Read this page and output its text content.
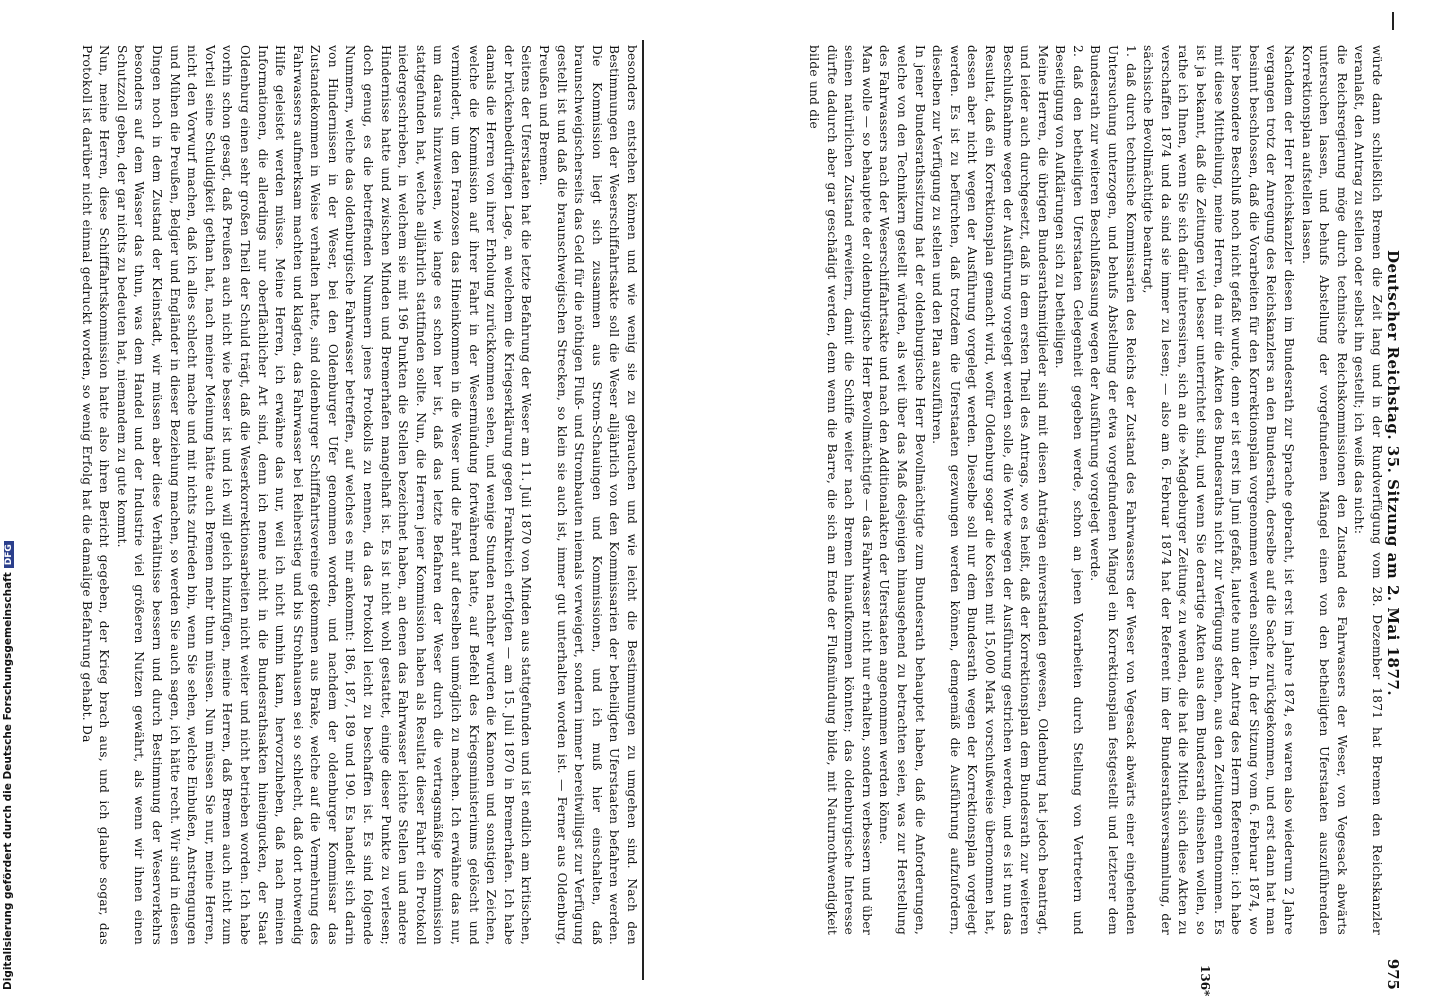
Deutscher Reichstag. 35. Sitzung am 2. Mai 1877.
975

würde dann schließlich Bremen die Zeit lang und in der Rundverfügung vom 28. Dezember 1871 hat Bremen den Reichskanzler veranlaßt, den Antrag zu stellen oder selbst ihn gestellt; ich weiß das nicht:

die Reichsregierung möge durch technische Reichskommissionen den Zustand des Fahrwassers der Weser, von Vegesack abwärts untersuchen lassen, und behufs Abstellung der vorgefundenen Mängel einen von den betheiligten Uferstaaten auszuführenden Korrektionsplan aufstellen lassen.

Nachdem der Herr Reichskanzler diesen im Bundesrath zur Sprache gebracht, ist erst im Jahre 1874, es waren also wiederum 2 Jahre vergangen trotz der Anregung des Reichskanzlers an den Bundesrath, derselbe auf die Sache zurückgekommen, und erst dann hat man besinnt beschlossen, daß die Vorarbeiten für den Korrektionsplan vorgenommen werden sollten. In der Sitzung vom 6. Februar 1874, wo hier besondere Beschluß noch nicht gefaßt wurde, denn er ist erst im Juni gefaßt, lautete nun der Antrag des Herrn Referenten: ich habe mit diese Mittheilung, meine Herren, da mir die Akten des Bundesraths nicht zur Verfügung stehen, aus den Zeitungen entnommen. Es ist ja bekannt, daß die Zeitungen viel besser unterrichtet sind, und wenn Sie derartige Akten aus dem Bundesrath einsehen wollen, so rathe ich Ihnen, wenn Sie sich dafür interessiren, sich an die »Magdeburger Zeitung« zu wenden, die hat die Mittel, sich diese Akten zu verschaffen 1874 und da sind sie immer zu lesen; — also am 6. Februar 1874 hat der Referent im der Bundesrathsversammlung, der sächsische Bevollmächtigte beantragt,

1. daß durch technische Kommissarien des Reichs der Zustand des Fahrwassers der Weser von Vegesack abwärts einer eingehenden Untersuchung unterzogen, und behufs Abstellung der etwa vorgefundenen Mängel ein Korrektionsplan festgestellt und letzterer dem Bundesrath zur weiteren Beschlußfassung wegen der Ausführung vorgelegt werde.

2. daß den betheiligten Uferstaaten Gelegenheit gegeben werde, schon an jenen Vorarbeiten durch Stellung von Vertretern und Beseitigung von Aufklärungen sich zu betheiligen.

Meine Herren, die übrigen Bundesrathsmitglieder sind mit diesen Anträgen einverstanden gewesen, Oldenburg hat jedoch beantragt, und leider auch durchgesetzt, daß in dem ersten Theil des Antrags, wo es heißt, daß der Korrektionsplan dem Bundesrath zur weiteren Beschlußnahme wegen der Ausführung vorgelegt werden solle, die Worte wegen der Ausführung gestrichen werden, und es ist nun das Resultat, daß ein Korrektionsplan gemacht wird, wofür Oldenburg sogar die Kosten mit 15,000 Mark vorschußweise übernommen hat, dessen aber nicht wegen der Ausführung vorgelegt werden. Dieselbe soll nur dem Bundesrath wegen der Korrektionsplan vorgelegt werden. Es ist zu befürchten, daß trotzdem die Uferstaaten gezwungen werden können, demgemäß die Ausführung aufzufordern, dieselben zur Verfügung zu stellen und den Plan auszuführen.

In jener Bundesrathssitzung hat der oldenburgische Herr Bevollmächtigte zum Bundesrath behauptet haben, daß die Anforderungen, welche von den Technikern gestellt würden, als weit über das Maß desjenigen hinausgehend zu betrachten seien, was zur Herstellung des Fahrwassers nach der Weserschiffahrtsakte und nach den Additionalakten der Uferstaaten angenommen werden könne.

Man wolle — so behauptete der oldenburgische Herr Bevollmächtigte — das Fahrwasser nicht nur erhalten, sondern verbessern und über seinen natürlichen Zustand erweitern, damit die Schiffe weiter nach Bremen hinaufkommen könnten; das oldenburgische Interesse dürfte dadurch aber gar geschädigt werden, denn wenn die Barre, die sich am Ende der Flußmündung bilde, mit Naturnothwendigkeit bilde und die

besonders entstehen können und wie wenig sie zu gebrauchen und wie leicht die Bestimmungen zu umgehen sind. Nach den Bestimmungen der Weserschiffahrtsakte soll die Weser alljährlich von den Kommissarien der betheiligten Uferstaaten befahren werden. Die Kommission liegt sich zusammen aus Strom-Schauingen und Kommissionen, und ich muß hier einschalten, daß braunschweigischerseits das Geld für die nöthigen Fluß- und Strombauten niemals verweigert, sondern immer bereitwilligst zur Verfügung gestellt ist und daß die braunschweigischen Strecken, so klein sie auch ist, immer gut unterhalten worden ist. — Ferner aus Oldenburg, Preußen und Bremen.

Seitens der Uferstaaten hat die letzte Befahrung der Weser am 11. Juli 1870 von Minden aus stattgefunden und ist endlich am kritischen, der brückenbedürftigen Lage, an welchem die Kriegserklärung gegen Frankreich erfolgten — am 15. Juli 1870 in Bremerhafen. Ich habe damals die Herren von ihrer Erholung zurückkommen sehen, und wenige Stunden nachher wurden die Kanonen und sonstigen Zeichen, welche die Kommission auf ihrer Fahrt in der Wesermündung fortwährend hatte, auf Befehl des Kriegsministeriums gelöscht und vermindert, um den Franzosen das Hineinkommen in die Weser und die Fahrt auf derselben unmöglich zu machen. Ich erwähne das nur, um daraus hinzuweisen, wie lange es schon her ist, daß das letzte Befahren der Weser durch die vertragsmäßige Kommission stattgefunden hat, welche alljährlich stattfinden sollte. Nun, die Herren jener Kommission haben als Resultat dieser Fahrt ein Protokoll niedergeschrieben, in welchem sie mit 196 Punkten die Stellen bezeichnet haben, an denen das Fahrwasser leichte Stellen und andere Hindernisse hatte und zwischen Minden und Bremerhafen mangelhaft ist. Es ist nicht wohl gestattet, einige dieser Punkte zu verlesen; doch genug, es die betreffenden Nummern jenes Protokolls zu nennen, da das Protokoll leicht zu beschaffen ist. Es sind folgende Nummern, welche das oldenburgische Fahrwasser betreffen, auf welches es mir ankommt: 186, 187, 189 und 190. Es handelt sich darin von Hindernissen in der Weser, bei den Oldenburger Ufer genommen worden, und nachdem der oldenburger Kommissar das Zustandekommen in Weise verhalten hatte, sind oldenburger Schifffahrtsvereine gekommen aus Brake, welche auf die Vermehrung des Fahrwassers aufmerksam machten und klagten, das Fahrwasser bei Reiherstieg und bis Strohhausen sei so schlecht, daß dort notwendig Hilfe geleistet werden müsse. Meine Herren, ich erwähne das nur, weil ich nicht umhin kann, hervorzuheben, daß nach meinen Informationen, die allerdings nur oberflächlicher Art sind, denn ich nenne nicht in die Bundesrathsakten hineingucken, der Staat Oldenburg einen sehr großen Theil der Schuld trägt, daß die Weserkorrektionsarbeiten nicht weiter und nicht betrieben worden. Ich habe vorhin schon gesagt, daß Preußen auch nicht wie besser ist und ich will gleich hinzufügen, meine Herren, daß Bremen auch nicht zum Vorteil seine Schuldigkeit gethan hat, nach meiner Meinung hätte auch Bremen mehr thun müssen. Nun müssen Sie nur, meine Herren, nicht den Vorwurf machen, daß ich alles schlecht mache und mit nichts zufrieden bin, wenn Sie sehen, welche Einbußen, Anstrengungen und Mühen die Preußen, Belgier und Engländer in dieser Beziehung machen, so werden Sie auch sagen, ich hätte recht. Wir sind in diesen Dingen noch in dem Zustand der Kleinstadt, wir müssen aber diese Verhältnisse bessern und durch Bestimmung der Weserverkehrs besonders auf dem Wasser das thun, was dem Handel und der Industrie viel größeren Nutzen gewährt, als wenn wir ihnen einen Schutzzoll geben, der gar nichts zu bedeuten hat, niemandem zu gute kommt.

Nun, meine Herren, diese Schifffahrtskommission hatte also ihren Bericht gegeben, der Krieg brach aus, und ich glaube sogar, das Protokoll ist darüber nicht einmal gedruckt worden, so wenig Erfolg hat die damalige Befahrung gehabt. Da

136*
Digitalisierung gefördert durch die Deutsche ForschungsgemeinschaftDFG
